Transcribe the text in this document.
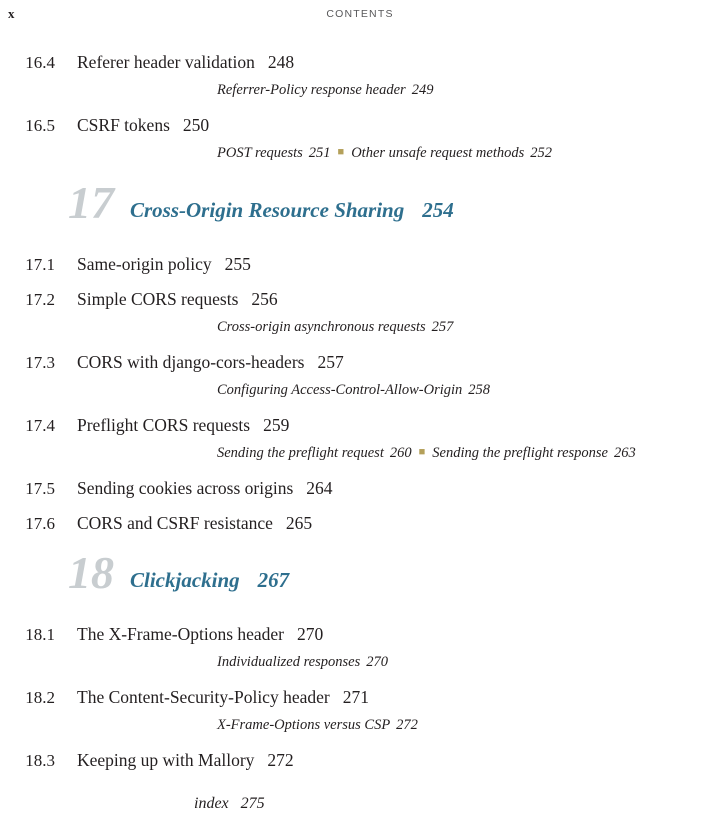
x	CONTENTS
16.4 Referer header validation 248
Referrer-Policy response header 249
16.5 CSRF tokens 250
POST requests 251 ■ Other unsafe request methods 252
17 Cross-Origin Resource Sharing 254
17.1 Same-origin policy 255
17.2 Simple CORS requests 256
Cross-origin asynchronous requests 257
17.3 CORS with django-cors-headers 257
Configuring Access-Control-Allow-Origin 258
17.4 Preflight CORS requests 259
Sending the preflight request 260 ■ Sending the preflight response 263
17.5 Sending cookies across origins 264
17.6 CORS and CSRF resistance 265
18 Clickjacking 267
18.1 The X-Frame-Options header 270
Individualized responses 270
18.2 The Content-Security-Policy header 271
X-Frame-Options versus CSP 272
18.3 Keeping up with Mallory 272
index 275
